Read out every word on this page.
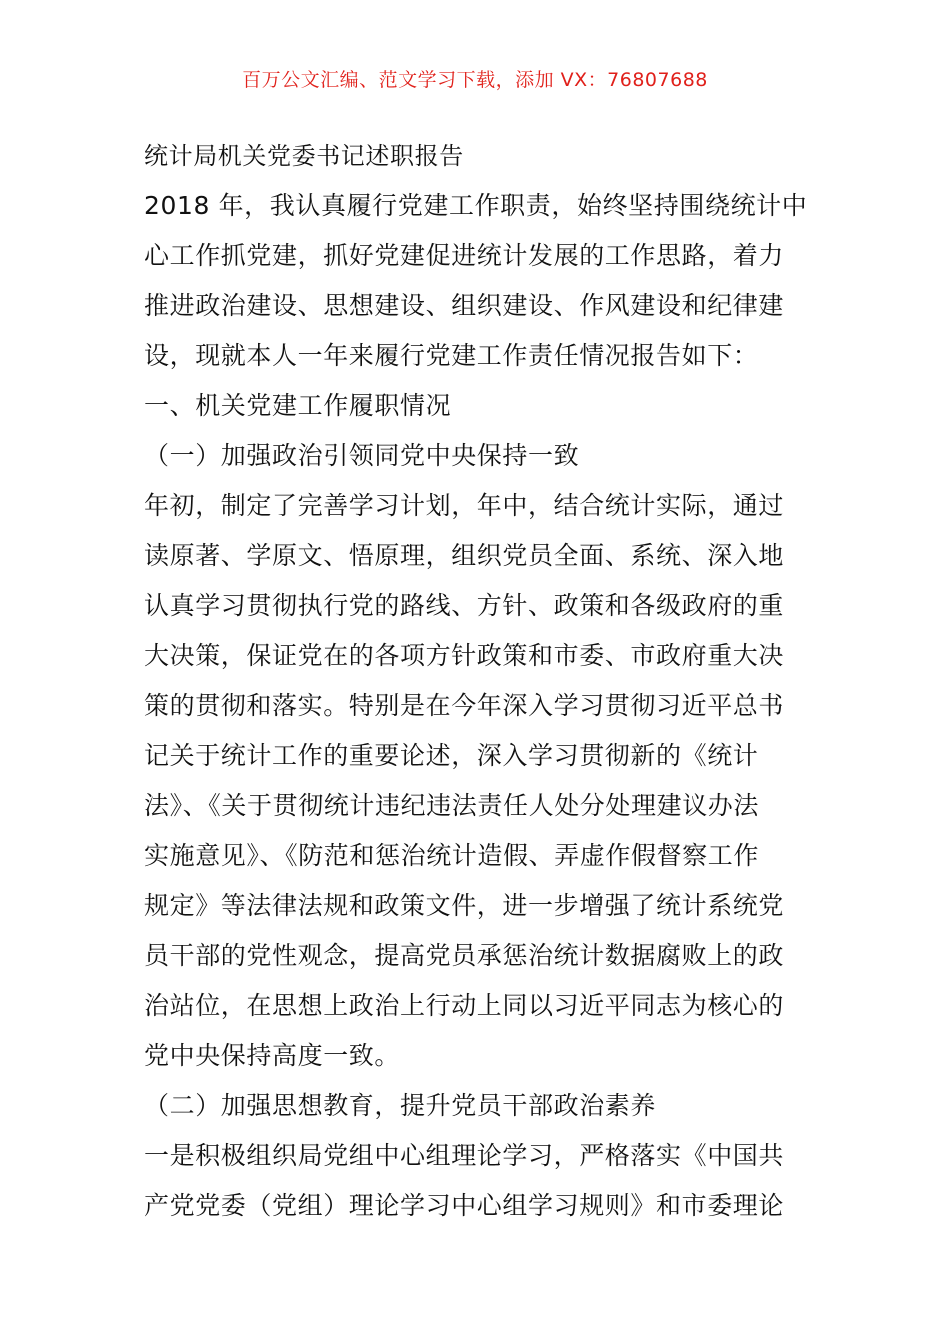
百万公文汇编、范文学习下载，添加 VX：76807688
统计局机关党委书记述职报告
2018 年，我认真履行党建工作职责，始终坚持围绕统计中
心工作抓党建，抓好党建促进统计发展的工作思路，着力
推进政治建设、思想建设、组织建设、作风建设和纪律建
设，现就本人一年来履行党建工作责任情况报告如下：
一、机关党建工作履职情况
（一）加强政治引领同党中央保持一致
年初，制定了完善学习计划，年中，结合统计实际，通过
读原著、学原文、悟原理，组织党员全面、系统、深入地
认真学习贯彻执行党的路线、方针、政策和各级政府的重
大决策，保证党在的各项方针政策和市委、市政府重大决
策的贯彻和落实。特别是在今年深入学习贯彻习近平总书
记关于统计工作的重要论述，深入学习贯彻新的《统计
法》、《关于贯彻统计违纪违法责任人处分处理建议办法
实施意见》、《防范和惩治统计造假、弄虚作假督察工作
规定》等法律法规和政策文件，进一步增强了统计系统党
员干部的党性观念，提高党员承惩治统计数据腐败上的政
治站位，在思想上政治上行动上同以习近平同志为核心的
党中央保持高度一致。
（二）加强思想教育，提升党员干部政治素养
一是积极组织局党组中心组理论学习，严格落实《中国共
产党党委（党组）理论学习中心组学习规则》和市委理论
